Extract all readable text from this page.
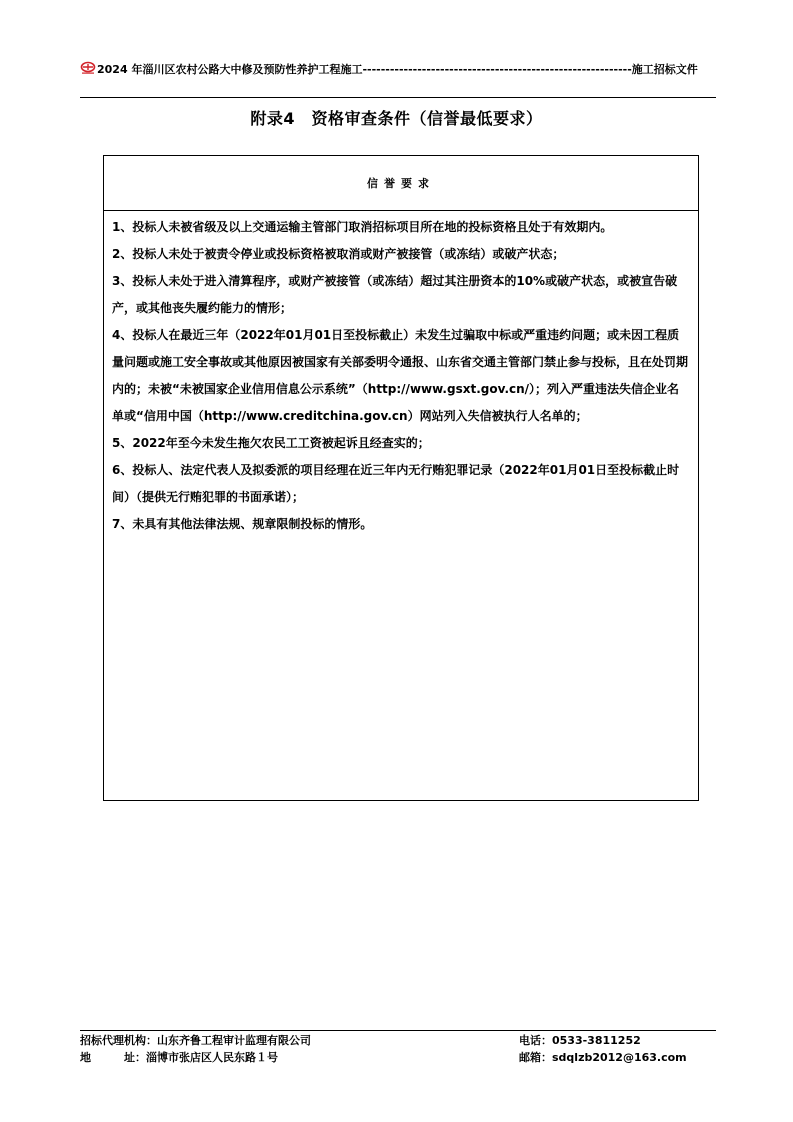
2024 年淄川区农村公路大中修及预防性养护工程施工-----------------------------------------------------------施工招标文件
附录4　资格审查条件（信誉最低要求）
信誉要求
1、投标人未被省级及以上交通运输主管部门取消招标项目所在地的投标资格且处于有效期内。
2、投标人未处于被责令停业或投标资格被取消或财产被接管（或冻结）或破产状态；
3、投标人未处于进入清算程序，或财产被接管（或冻结）超过其注册资本的10%或破产状态，或被宣告破产，或其他丧失履约能力的情形；
4、投标人在最近三年（2022年01月01日至投标截止）未发生过骗取中标或严重违约问题；或未因工程质量问题或施工安全事故或其他原因被国家有关部委明令通报、山东省交通主管部门禁止参与投标，且在处罚期内的；未被“未被国家企业信用信息公示系统”（http://www.gsxt.gov.cn/）；列入严重违法失信企业名单或“信用中国（http://www.creditchina.gov.cn）网站列入失信被执行人名单的；
5、2022年至今未发生拖欠农民工工资被起诉且经查实的；
6、投标人、法定代表人及拟委派的项目经理在近三年内无行贿犯罪记录（2022年01月01日至投标截止时间）（提供无行贿犯罪的书面承诺）；
7、未具有其他法律法规、规章限制投标的情形。
招标代理机构：山东齐鲁工程审计监理有限公司
地　　　址：淄博市张店区人民东路１号
电话：0533-3811252
邮箱：sdqlzb2012@163.com
